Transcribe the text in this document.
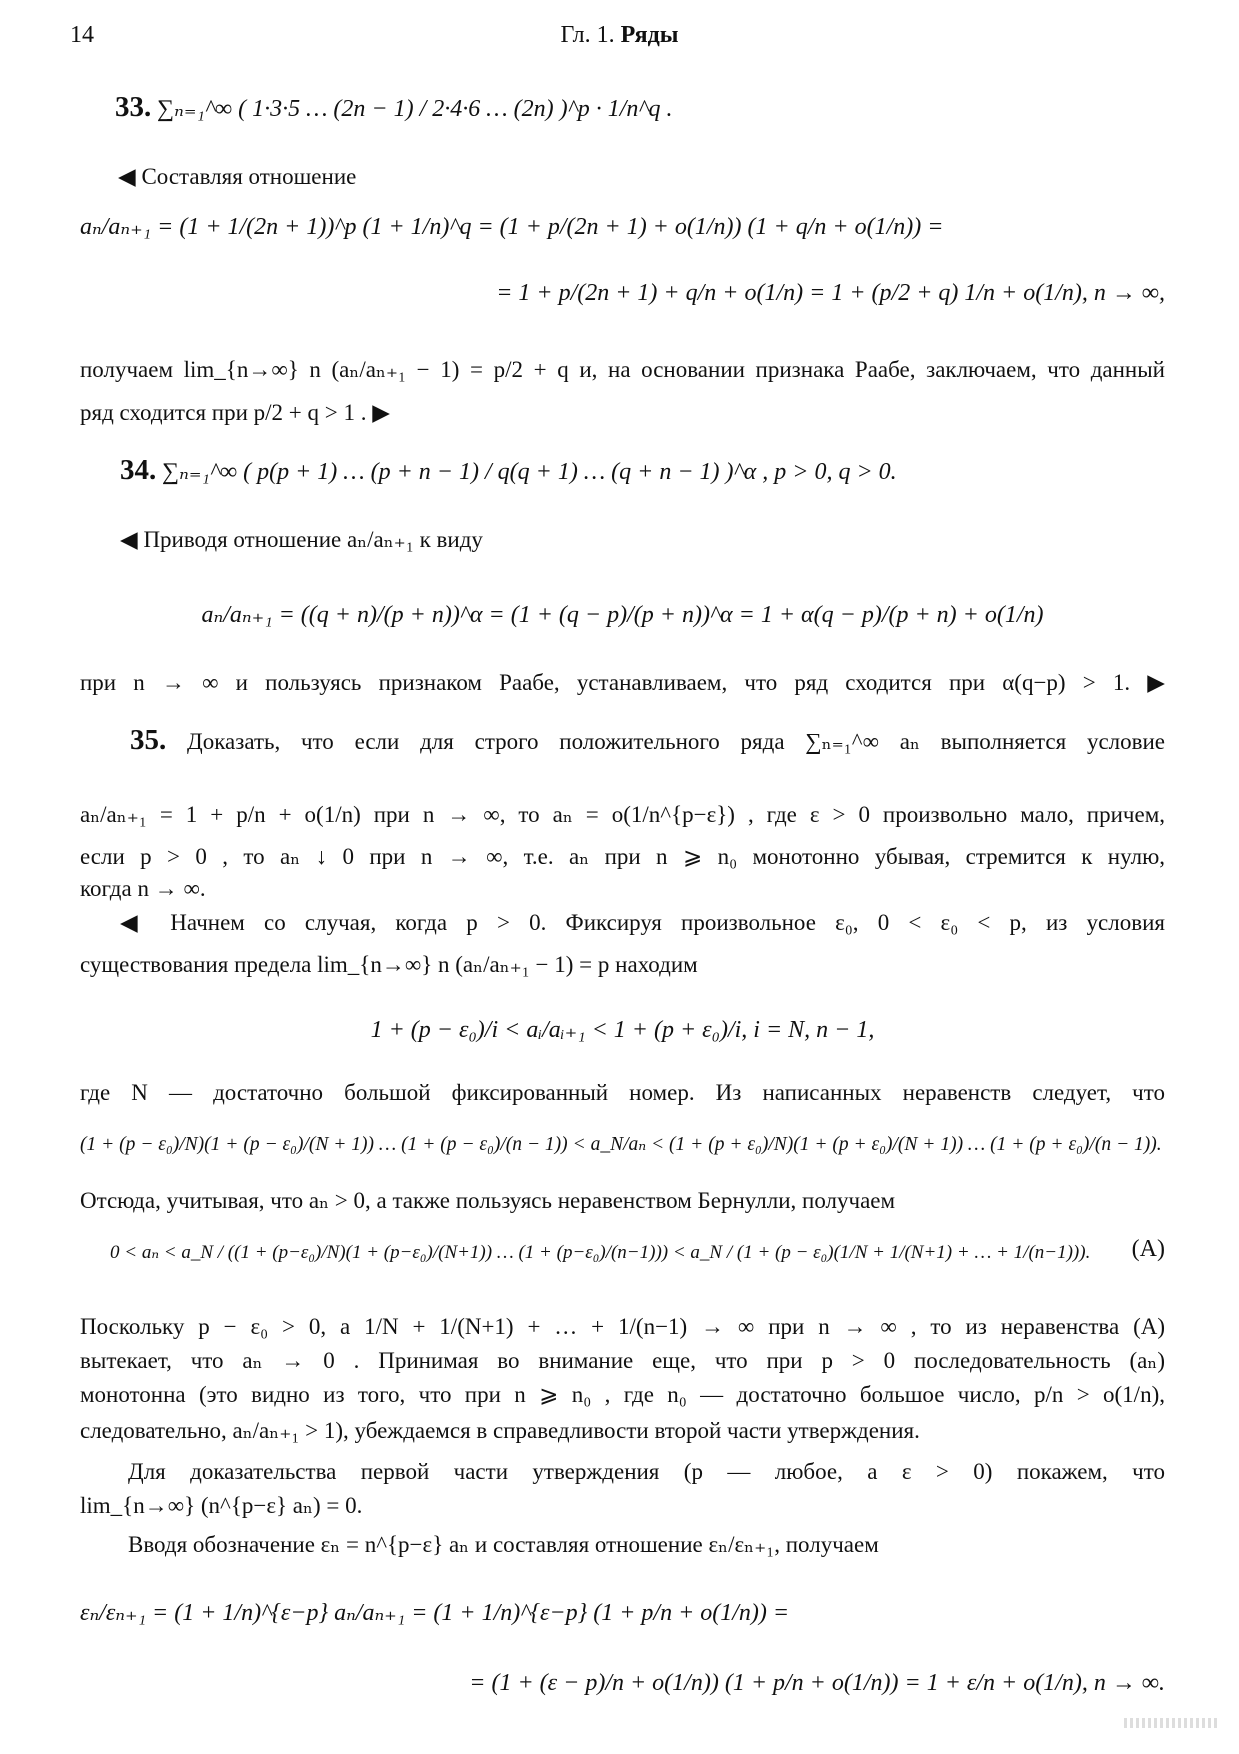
14	Гл. 1. Ряды
33. ∑ₙ₌₁^∞ ( 1·3·5 … (2n − 1) / 2·4·6 … (2n) )^p · 1/n^q .
◀ Составляя отношение
aₙ/aₙ₊₁ = (1 + 1/(2n + 1))^p (1 + 1/n)^q = (1 + p/(2n + 1) + o(1/n)) (1 + q/n + o(1/n)) =
= 1 + p/(2n + 1) + q/n + o(1/n) = 1 + (p/2 + q) 1/n + o(1/n), n → ∞,
получаем lim_{n→∞} n (aₙ/aₙ₊₁ − 1) = p/2 + q и, на основании признака Раабе, заключаем, что данный
ряд сходится при p/2 + q > 1 . ▶
34. ∑ₙ₌₁^∞ ( p(p + 1) … (p + n − 1) / q(q + 1) … (q + n − 1) )^α , p > 0, q > 0.
◀ Приводя отношение aₙ/aₙ₊₁ к виду
aₙ/aₙ₊₁ = ((q + n)/(p + n))^α = (1 + (q − p)/(p + n))^α = 1 + α(q − p)/(p + n) + o(1/n)
при n → ∞ и пользуясь признаком Раабе, устанавливаем, что ряд сходится при α(q−p) > 1. ▶
35. Доказать, что если для строго положительного ряда ∑ₙ₌₁^∞ aₙ выполняется условие
aₙ/aₙ₊₁ = 1 + p/n + o(1/n) при n → ∞, то aₙ = o(1/n^{p−ε}) , где ε > 0 произвольно мало, причем,
если p > 0 , то aₙ ↓ 0 при n → ∞, т.е. aₙ при n ⩾ n₀ монотонно убывая, стремится к нулю,
когда n → ∞.
◀ Начнем со случая, когда p > 0. Фиксируя произвольное ε₀, 0 < ε₀ < p, из условия
существования предела lim_{n→∞} n (aₙ/aₙ₊₁ − 1) = p находим
1 + (p − ε₀)/i < aᵢ/aᵢ₊₁ < 1 + (p + ε₀)/i, i = N, n − 1,
где N — достаточно большой фиксированный номер. Из написанных неравенств следует, что
(1 + (p − ε₀)/N)(1 + (p − ε₀)/(N + 1)) … (1 + (p − ε₀)/(n − 1)) < a_N/aₙ < (1 + (p + ε₀)/N)(1 + (p + ε₀)/(N + 1)) … (1 + (p + ε₀)/(n − 1)).
Отсюда, учитывая, что aₙ > 0, а также пользуясь неравенством Бернулли, получаем
0 < aₙ < a_N / ((1 + (p−ε₀)/N)(1 + (p−ε₀)/(N+1)) … (1 + (p−ε₀)/(n−1))) < a_N / (1 + (p − ε₀)(1/N + 1/(N+1) + … + 1/(n−1))).	(A)
Поскольку p − ε₀ > 0, а 1/N + 1/(N+1) + … + 1/(n−1) → ∞ при n → ∞ , то из неравенства (A)
вытекает, что aₙ → 0 . Принимая во внимание еще, что при p > 0 последовательность (aₙ)
монотонна (это видно из того, что при n ⩾ n₀ , где n₀ — достаточно большое число, p/n > o(1/n),
следовательно, aₙ/aₙ₊₁ > 1), убеждаемся в справедливости второй части утверждения.
Для доказательства первой части утверждения (p — любое, а ε > 0) покажем, что
lim_{n→∞} (n^{p−ε} aₙ) = 0.
Вводя обозначение εₙ = n^{p−ε} aₙ и составляя отношение εₙ/εₙ₊₁, получаем
εₙ/εₙ₊₁ = (1 + 1/n)^{ε−p} aₙ/aₙ₊₁ = (1 + 1/n)^{ε−p} (1 + p/n + o(1/n)) =
= (1 + (ε − p)/n + o(1/n)) (1 + p/n + o(1/n)) = 1 + ε/n + o(1/n), n → ∞.
